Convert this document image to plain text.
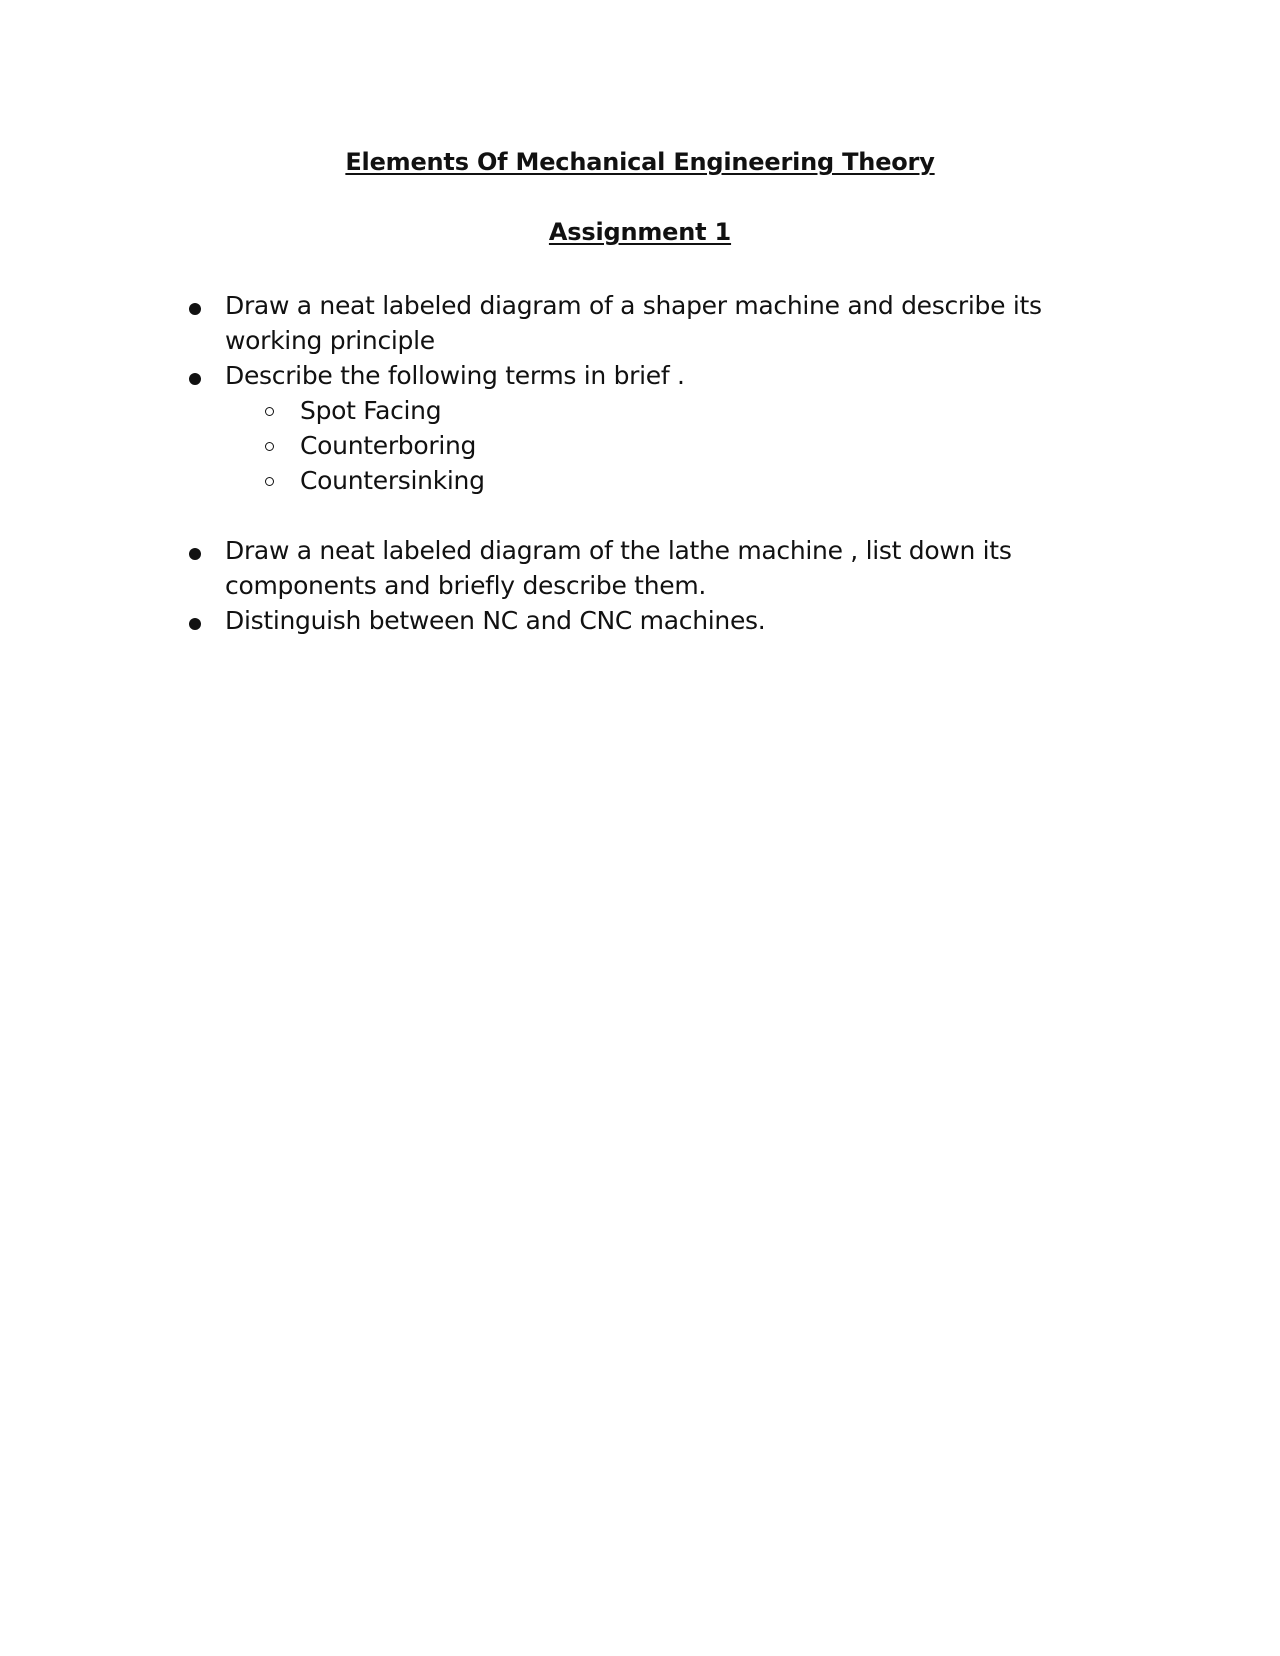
Elements Of Mechanical Engineering Theory
Assignment 1
Draw a neat labeled diagram of a shaper machine and describe its working principle
Describe the following terms in brief .
Spot Facing
Counterboring
Countersinking
Draw a neat labeled diagram of the lathe machine , list down its components and briefly describe them.
Distinguish between NC and CNC machines.
